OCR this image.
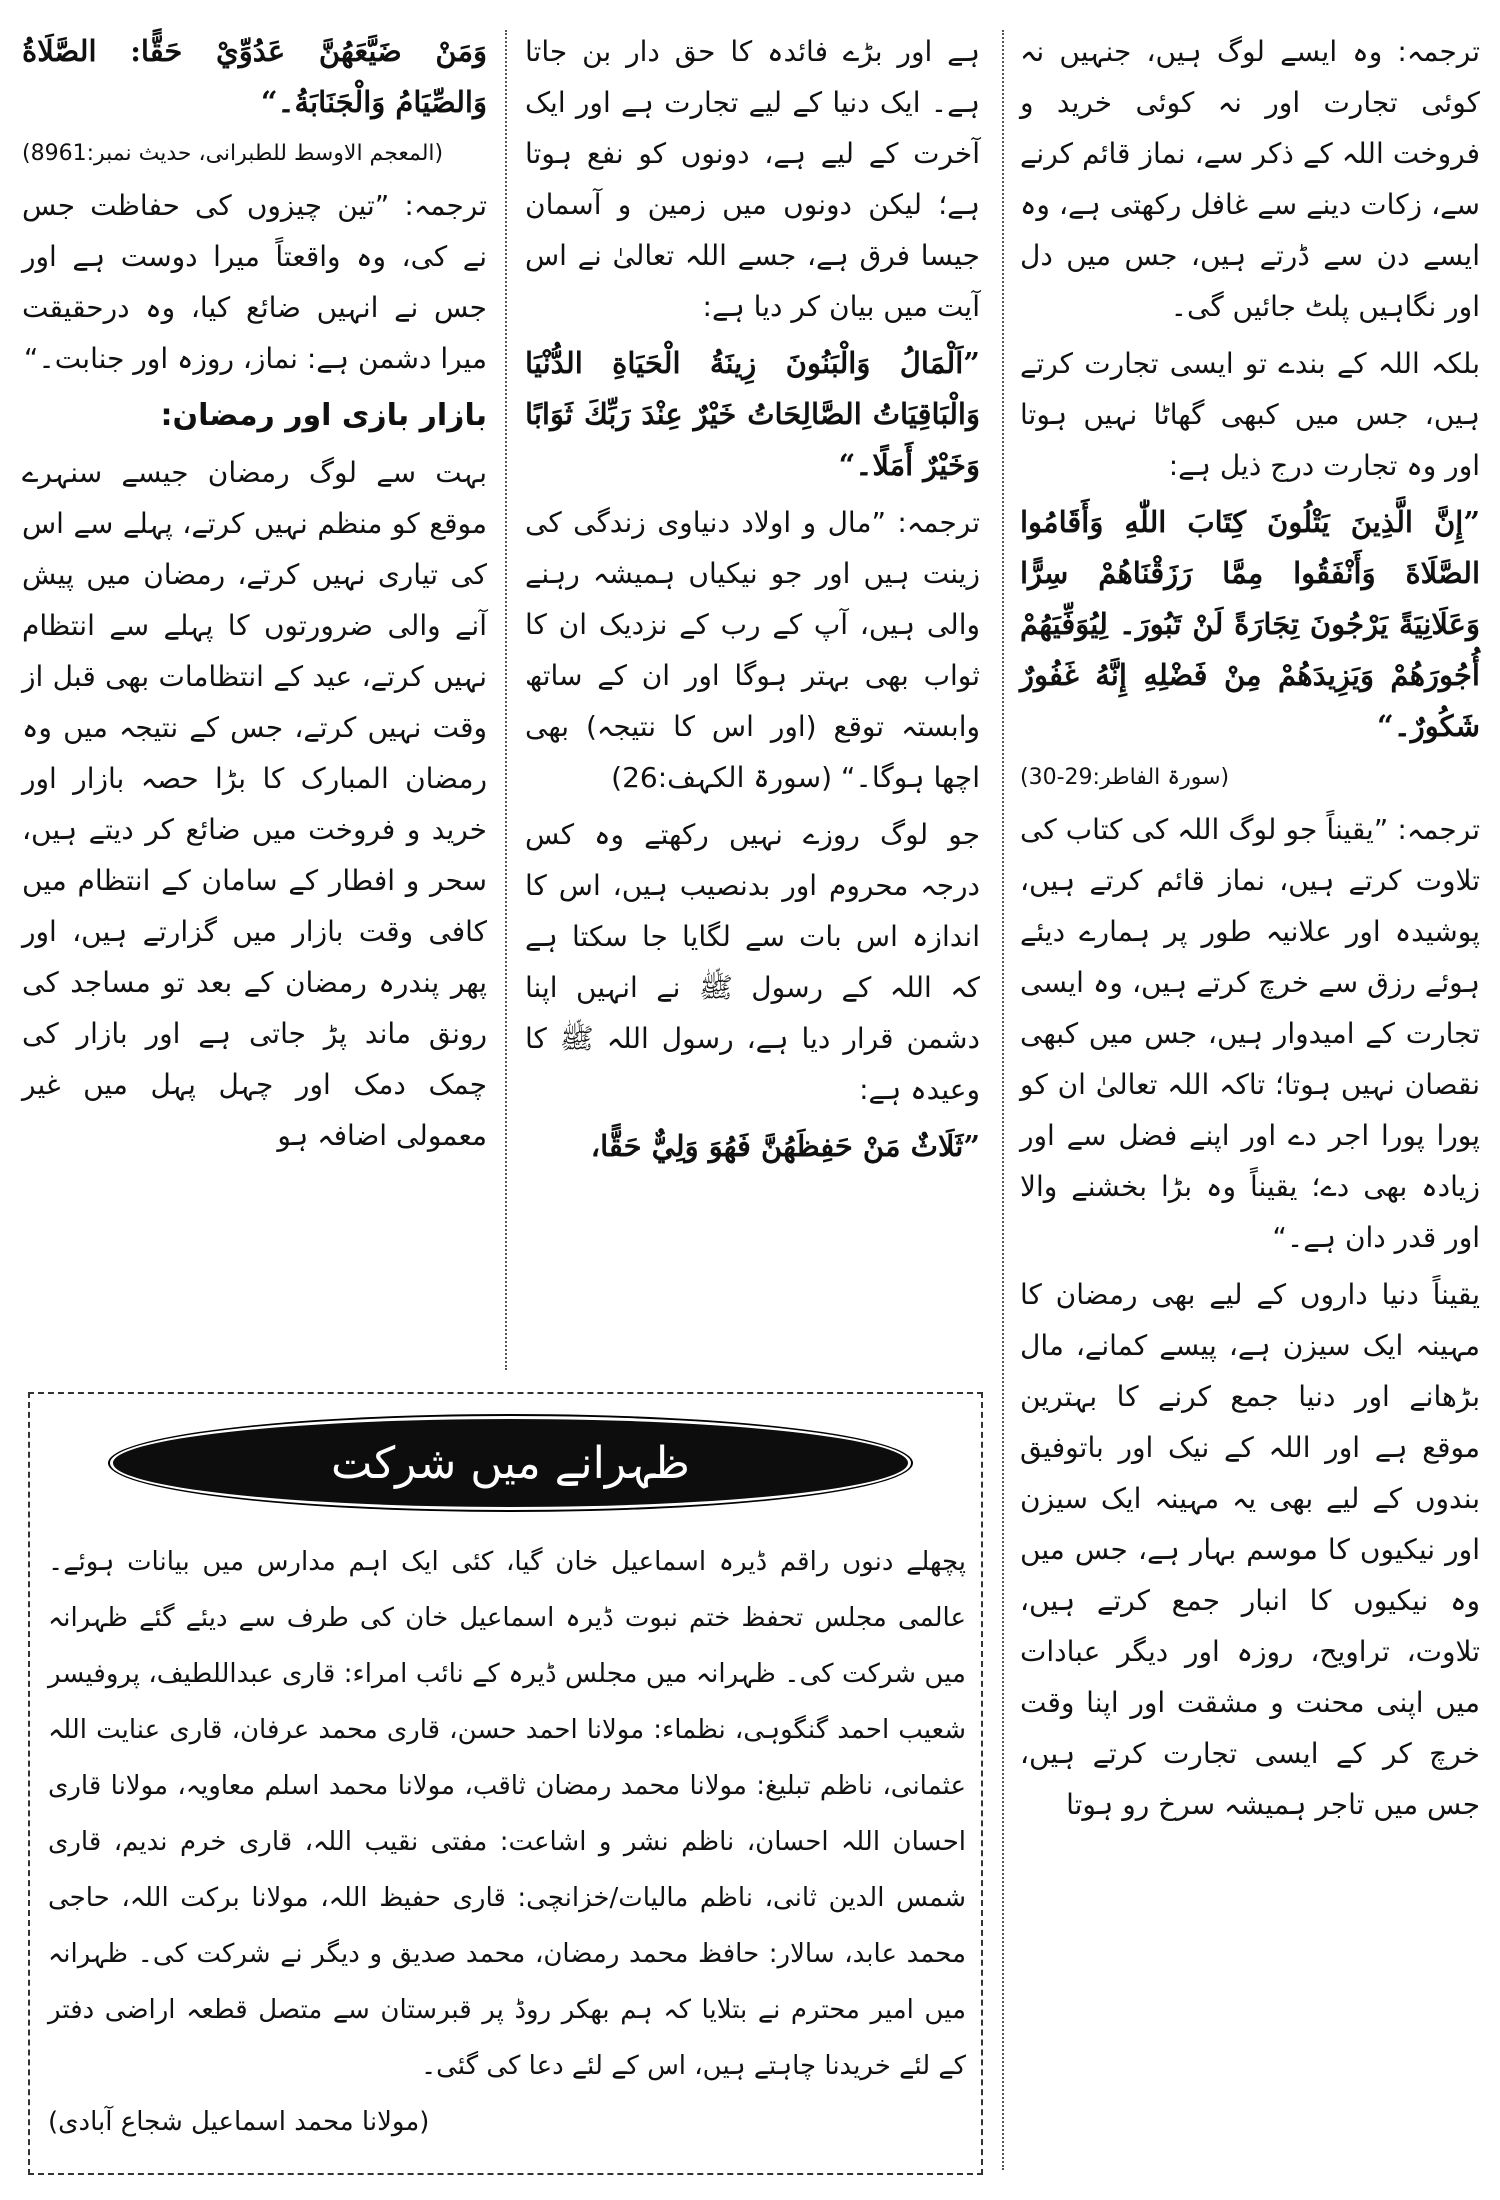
ترجمہ: وہ ایسے لوگ ہیں، جنہیں نہ کوئی تجارت اور نہ کوئی خرید و فروخت اللہ کے ذکر سے، نماز قائم کرنے سے، زکات دینے سے غافل رکھتی ہے، وہ ایسے دن سے ڈرتے ہیں، جس میں دل اور نگاہیں پلٹ جائیں گی۔

بلکہ اللہ کے بندے تو ایسی تجارت کرتے ہیں، جس میں کبھی گھاٹا نہیں ہوتا اور وہ تجارت درج ذیل ہے:

”إِنَّ الَّذِينَ يَتْلُونَ كِتَابَ اللّٰهِ وَأَقَامُوا الصَّلَاةَ وَأَنْفَقُوا مِمَّا رَزَقْنَاهُمْ سِرًّا وَعَلَانِيَةً يَرْجُونَ تِجَارَةً لَنْ تَبُورَ۔ لِيُوَفِّيَهُمْ أُجُورَهُمْ وَيَزِيدَهُمْ مِنْ فَضْلِهِ إِنَّهُ غَفُورٌ شَكُورٌ۔“

(سورۃ الفاطر:29-30)

ترجمہ: ”یقیناً جو لوگ اللہ کی کتاب کی تلاوت کرتے ہیں، نماز قائم کرتے ہیں، پوشیدہ اور علانیہ طور پر ہمارے دیئے ہوئے رزق سے خرچ کرتے ہیں، وہ ایسی تجارت کے امیدوار ہیں، جس میں کبھی نقصان نہیں ہوتا؛ تاکہ اللہ تعالیٰ ان کو پورا پورا اجر دے اور اپنے فضل سے اور زیادہ بھی دے؛ یقیناً وہ بڑا بخشنے والا اور قدر دان ہے۔“

یقیناً دنیا داروں کے لیے بھی رمضان کا مہینہ ایک سیزن ہے، پیسے کمانے، مال بڑھانے اور دنیا جمع کرنے کا بہترین موقع ہے اور اللہ کے نیک اور باتوفیق بندوں کے لیے بھی یہ مہینہ ایک سیزن اور نیکیوں کا موسم بہار ہے، جس میں وہ نیکیوں کا انبار جمع کرتے ہیں، تلاوت، تراویح، روزہ اور دیگر عبادات میں اپنی محنت و مشقت اور اپنا وقت خرچ کر کے ایسی تجارت کرتے ہیں، جس میں تاجر ہمیشہ سرخ رو ہوتا

ہے اور بڑے فائدہ کا حق دار بن جاتا ہے۔ ایک دنیا کے لیے تجارت ہے اور ایک آخرت کے لیے ہے، دونوں کو نفع ہوتا ہے؛ لیکن دونوں میں زمین و آسمان جیسا فرق ہے، جسے اللہ تعالیٰ نے اس آیت میں بیان کر دیا ہے:

”اَلْمَالُ وَالْبَنُونَ زِينَةُ الْحَيَاةِ الدُّنْيَا وَالْبَاقِيَاتُ الصَّالِحَاتُ خَيْرٌ عِنْدَ رَبِّكَ ثَوَابًا وَخَيْرٌ أَمَلًا۔“

ترجمہ: ”مال و اولاد دنیاوی زندگی کی زینت ہیں اور جو نیکیاں ہمیشہ رہنے والی ہیں، آپ کے رب کے نزدیک ان کا ثواب بھی بہتر ہوگا اور ان کے ساتھ وابستہ توقع (اور اس کا نتیجہ) بھی اچھا ہوگا۔“ (سورۃ الکہف:26)

جو لوگ روزے نہیں رکھتے وہ کس درجہ محروم اور بدنصیب ہیں، اس کا اندازہ اس بات سے لگایا جا سکتا ہے کہ اللہ کے رسول ﷺ نے انہیں اپنا دشمن قرار دیا ہے، رسول اللہ ﷺ کا وعیدہ ہے:

”ثَلَاثٌ مَنْ حَفِظَهُنَّ فَهُوَ وَلِيٌّ حَقًّا،

وَمَنْ ضَيَّعَهُنَّ عَدُوِّيْ حَقًّا: الصَّلَاةُ وَالصِّيَامُ وَالْجَنَابَةُ۔“

(المعجم الاوسط للطبرانی، حدیث نمبر:8961)

ترجمہ: ”تین چیزوں کی حفاظت جس نے کی، وہ واقعتاً میرا دوست ہے اور جس نے انہیں ضائع کیا، وہ درحقیقت میرا دشمن ہے: نماز، روزہ اور جنابت۔“

بازار بازی اور رمضان:

بہت سے لوگ رمضان جیسے سنہرے موقع کو منظم نہیں کرتے، پہلے سے اس کی تیاری نہیں کرتے، رمضان میں پیش آنے والی ضرورتوں کا پہلے سے انتظام نہیں کرتے، عید کے انتظامات بھی قبل از وقت نہیں کرتے، جس کے نتیجہ میں وہ رمضان المبارک کا بڑا حصہ بازار اور خرید و فروخت میں ضائع کر دیتے ہیں، سحر و افطار کے سامان کے انتظام میں کافی وقت بازار میں گزارتے ہیں، اور پھر پندرہ رمضان کے بعد تو مساجد کی رونق ماند پڑ جاتی ہے اور بازار کی چمک دمک اور چہل پہل میں غیر معمولی اضافہ ہو

ظہرانے میں شرکت
پچھلے دنوں راقم ڈیرہ اسماعیل خان گیا، کئی ایک اہم مدارس میں بیانات ہوئے۔ عالمی مجلس تحفظ ختم نبوت ڈیرہ اسماعیل خان کی طرف سے دیئے گئے ظہرانہ میں شرکت کی۔ ظہرانہ میں مجلس ڈیرہ کے نائب امراء: قاری عبداللطیف، پروفیسر شعیب احمد گنگوہی، نظماء: مولانا احمد حسن، قاری محمد عرفان، قاری عنایت اللہ عثمانی، ناظم تبلیغ: مولانا محمد رمضان ثاقب، مولانا محمد اسلم معاویہ، مولانا قاری احسان اللہ احسان، ناظم نشر و اشاعت: مفتی نقیب اللہ، قاری خرم ندیم، قاری شمس الدین ثانی، ناظم مالیات/خزانچی: قاری حفیظ اللہ، مولانا برکت اللہ، حاجی محمد عابد، سالار: حافظ محمد رمضان، محمد صدیق و دیگر نے شرکت کی۔ ظہرانہ میں امیر محترم نے بتلایا کہ ہم بھکر روڈ پر قبرستان سے متصل قطعہ اراضی دفتر کے لئے خریدنا چاہتے ہیں، اس کے لئے دعا کی گئی۔
(مولانا محمد اسماعیل شجاع آبادی)
